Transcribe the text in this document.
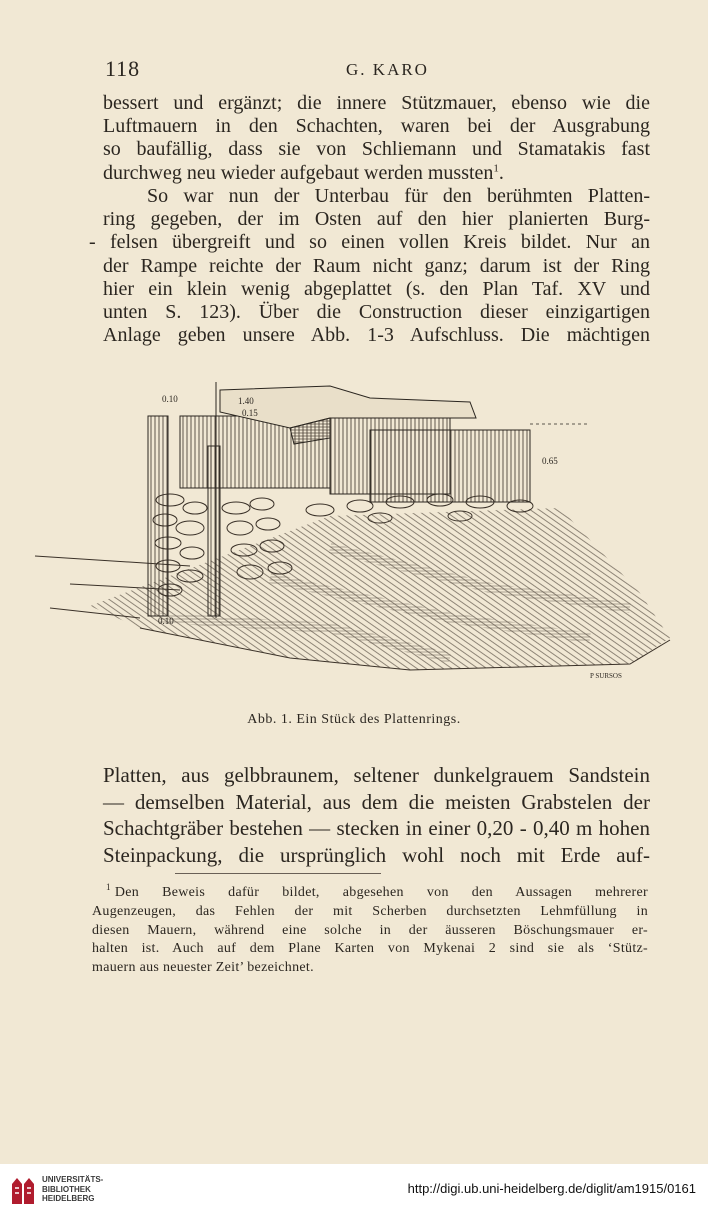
118	G. KARO
bessert und ergänzt; die innere Stützmauer, ebenso wie die
Luftmauern in den Schachten, waren bei der Ausgrabung
so baufällig, dass sie von Schliemann und Stamatakis fast
durchweg neu wieder aufgebaut werden mussten$^1$.
So war nun der Unterbau für den berühmten Platten-
ring gegeben, der im Osten auf den hier planierten Burg-
- felsen übergreift und so einen vollen Kreis bildet. Nur an
der Rampe reichte der Raum nicht ganz; darum ist der Ring
hier ein klein wenig abgeplattet (s. den Plan Taf. XV und
unten S. 123). Über die Construction dieser einzigartigen
Anlage geben unsere Abb. 1-3 Aufschluss. Die mächtigen
0.10	1.40
0.15
0.65
0.10
P SURSOS
Abb. 1. Ein Stück des Plattenrings.
Platten, aus gelbbraunem, seltener dunkelgrauem Sandstein
— demselben Material, aus dem die meisten Grabstelen der
Schachtgräber bestehen — stecken in einer 0,20 - 0,40 m hohen
Steinpackung, die ursprünglich wohl noch mit Erde auf-
$^1$ Den Beweis dafür bildet, abgesehen von den Aussagen mehrerer
Augenzeugen, das Fehlen der mit Scherben durchsetzten Lehmfüllung in
diesen Mauern, während eine solche in der äusseren Böschungsmauer er-
halten ist. Auch auf dem Plane Karten von Mykenai 2 sind sie als ‘Stütz-
mauern aus neuester Zeit’ bezeichnet.
UNIVERSITÄTS-
BIBLIOTHEK
HEIDELBERG
http://digi.ub.uni-heidelberg.de/diglit/am1915/0161
